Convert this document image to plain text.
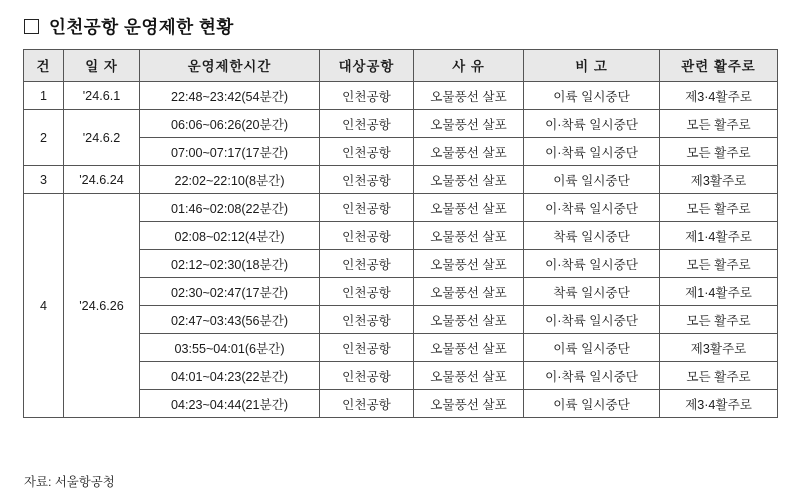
인천공항 운영제한 현황
건	일 자	운영제한시간	대상공항	사 유	비 고	관련 활주로
1	'24.6.1	22:48~23:42(54분간)	인천공항	오물풍선 살포	이륙 일시중단	제3·4활주로
2	'24.6.2	06:06~06:26(20분간)	인천공항	오물풍선 살포	이·착륙 일시중단	모든 활주로
		07:00~07:17(17분간)	인천공항	오물풍선 살포	이·착륙 일시중단	모든 활주로
3	'24.6.24	22:02~22:10(8분간)	인천공항	오물풍선 살포	이륙 일시중단	제3활주로
4	'24.6.26	01:46~02:08(22분간)	인천공항	오물풍선 살포	이·착륙 일시중단	모든 활주로
		02:08~02:12(4분간)	인천공항	오물풍선 살포	착륙 일시중단	제1·4활주로
		02:12~02:30(18분간)	인천공항	오물풍선 살포	이·착륙 일시중단	모든 활주로
		02:30~02:47(17분간)	인천공항	오물풍선 살포	착륙 일시중단	제1·4활주로
		02:47~03:43(56분간)	인천공항	오물풍선 살포	이·착륙 일시중단	모든 활주로
		03:55~04:01(6분간)	인천공항	오물풍선 살포	이륙 일시중단	제3활주로
		04:01~04:23(22분간)	인천공항	오물풍선 살포	이·착륙 일시중단	모든 활주로
		04:23~04:44(21분간)	인천공항	오물풍선 살포	이륙 일시중단	제3·4활주로
자료: 서울항공청
